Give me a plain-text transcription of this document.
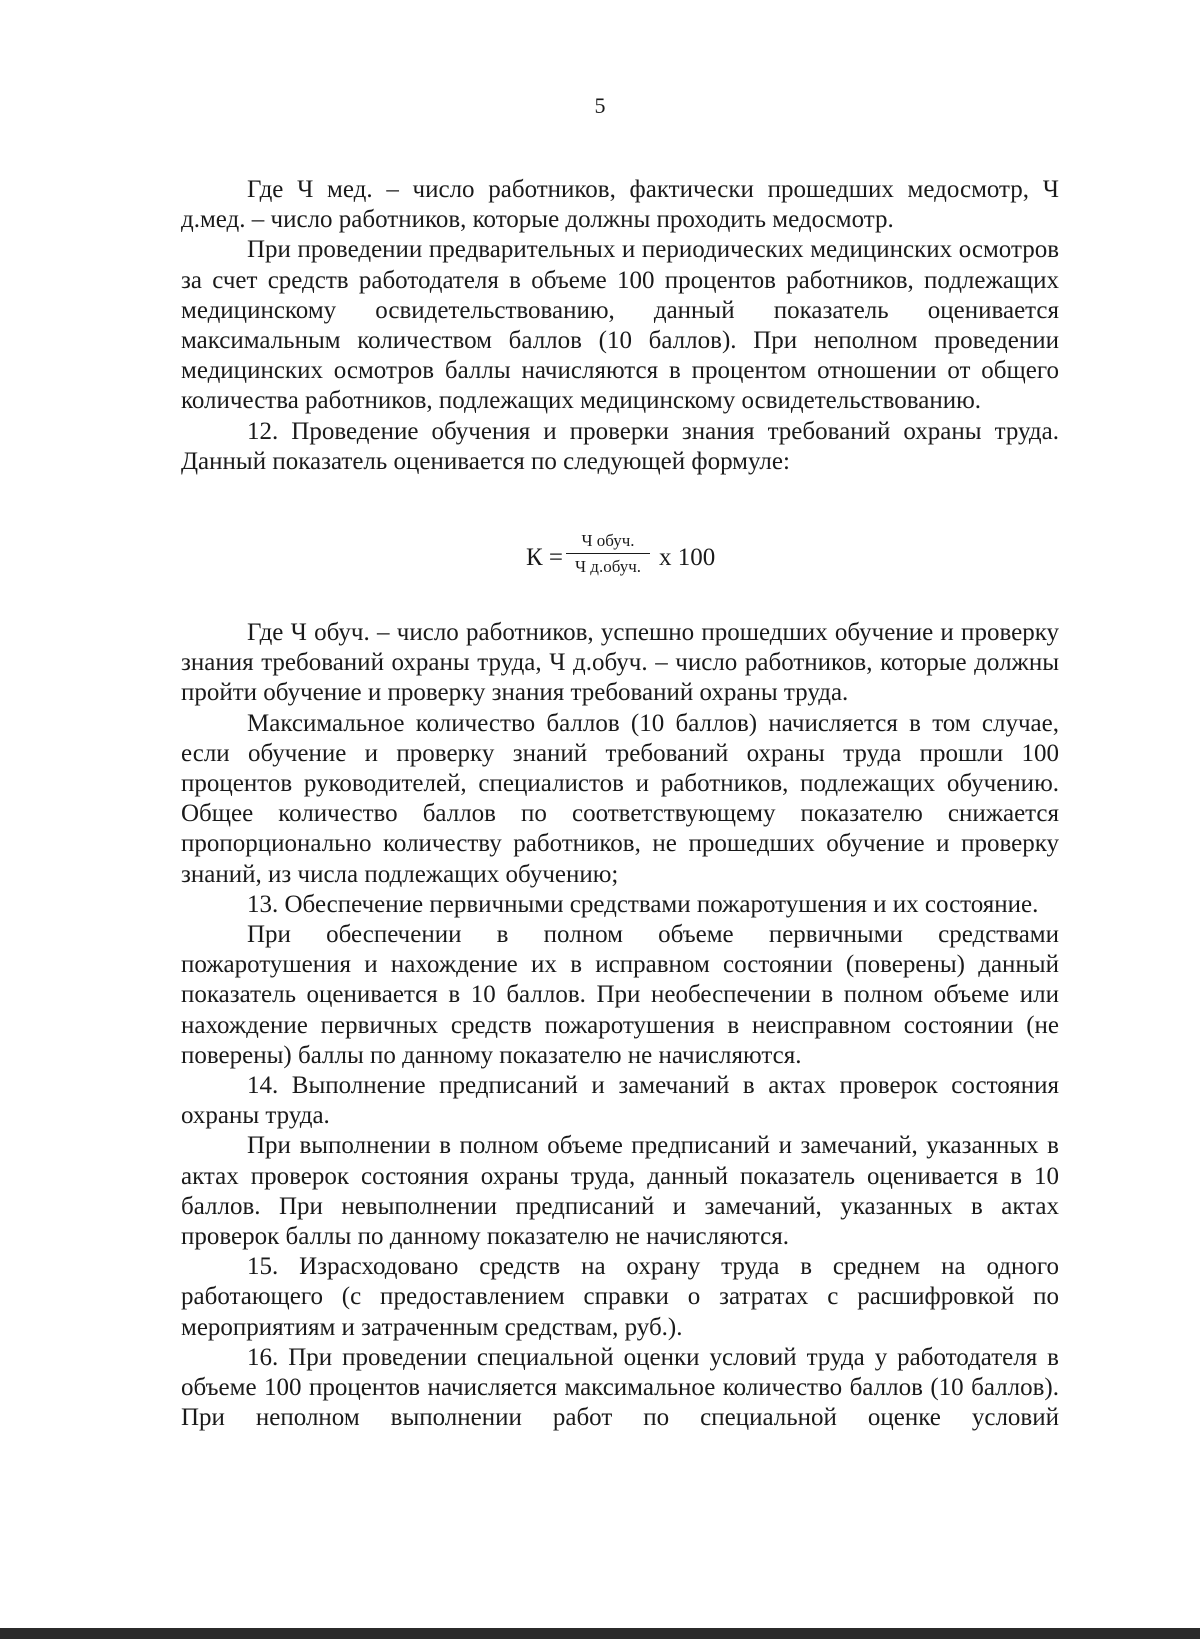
5

Где Ч мед. – число работников, фактически прошедших медосмотр, Ч д.мед. – число работников, которые должны проходить медосмотр.

При проведении предварительных и периодических медицинских осмотров за счет средств работодателя в объеме 100 процентов работников, подлежащих медицинскому освидетельствованию, данный показатель оценивается максимальным количеством баллов (10 баллов). При неполном проведении медицинских осмотров баллы начисляются в процентом отношении от общего количества работников, подлежащих медицинскому освидетельствованию.

12. Проведение обучения и проверки знания требований охраны труда. Данный показатель оценивается по следующей формуле:

К =
Ч обуч.
Ч д.обуч. х 100

Где Ч обуч. – число работников, успешно прошедших обучение и проверку знания требований охраны труда, Ч д.обуч. – число работников, которые должны пройти обучение и проверку знания требований охраны труда.

Максимальное количество баллов (10 баллов) начисляется в том случае, если обучение и проверку знаний требований охраны труда прошли 100 процентов руководителей, специалистов и работников, подлежащих обучению. Общее количество баллов по соответствующему показателю снижается пропорционально количеству работников, не прошедших обучение и проверку знаний, из числа подлежащих обучению;

13. Обеспечение первичными средствами пожаротушения и их состояние.

При обеспечении в полном объеме первичными средствами пожаротушения и нахождение их в исправном состоянии (поверены) данный показатель оценивается в 10 баллов. При необеспечении в полном объеме или нахождение первичных средств пожаротушения в неисправном состоянии (не поверены) баллы по данному показателю не начисляются.

14. Выполнение предписаний и замечаний в актах проверок состояния охраны труда.

При выполнении в полном объеме предписаний и замечаний, указанных в актах проверок состояния охраны труда, данный показатель оценивается в 10 баллов. При невыполнении предписаний и замечаний, указанных в актах проверок баллы по данному показателю не начисляются.

15. Израсходовано средств на охрану труда в среднем на одного работающего (с предоставлением справки о затратах с расшифровкой по мероприятиям и затраченным средствам, руб.).

16. При проведении специальной оценки условий труда у работодателя в объеме 100 процентов начисляется максимальное количество баллов (10 баллов). При неполном выполнении работ по специальной оценке условий
